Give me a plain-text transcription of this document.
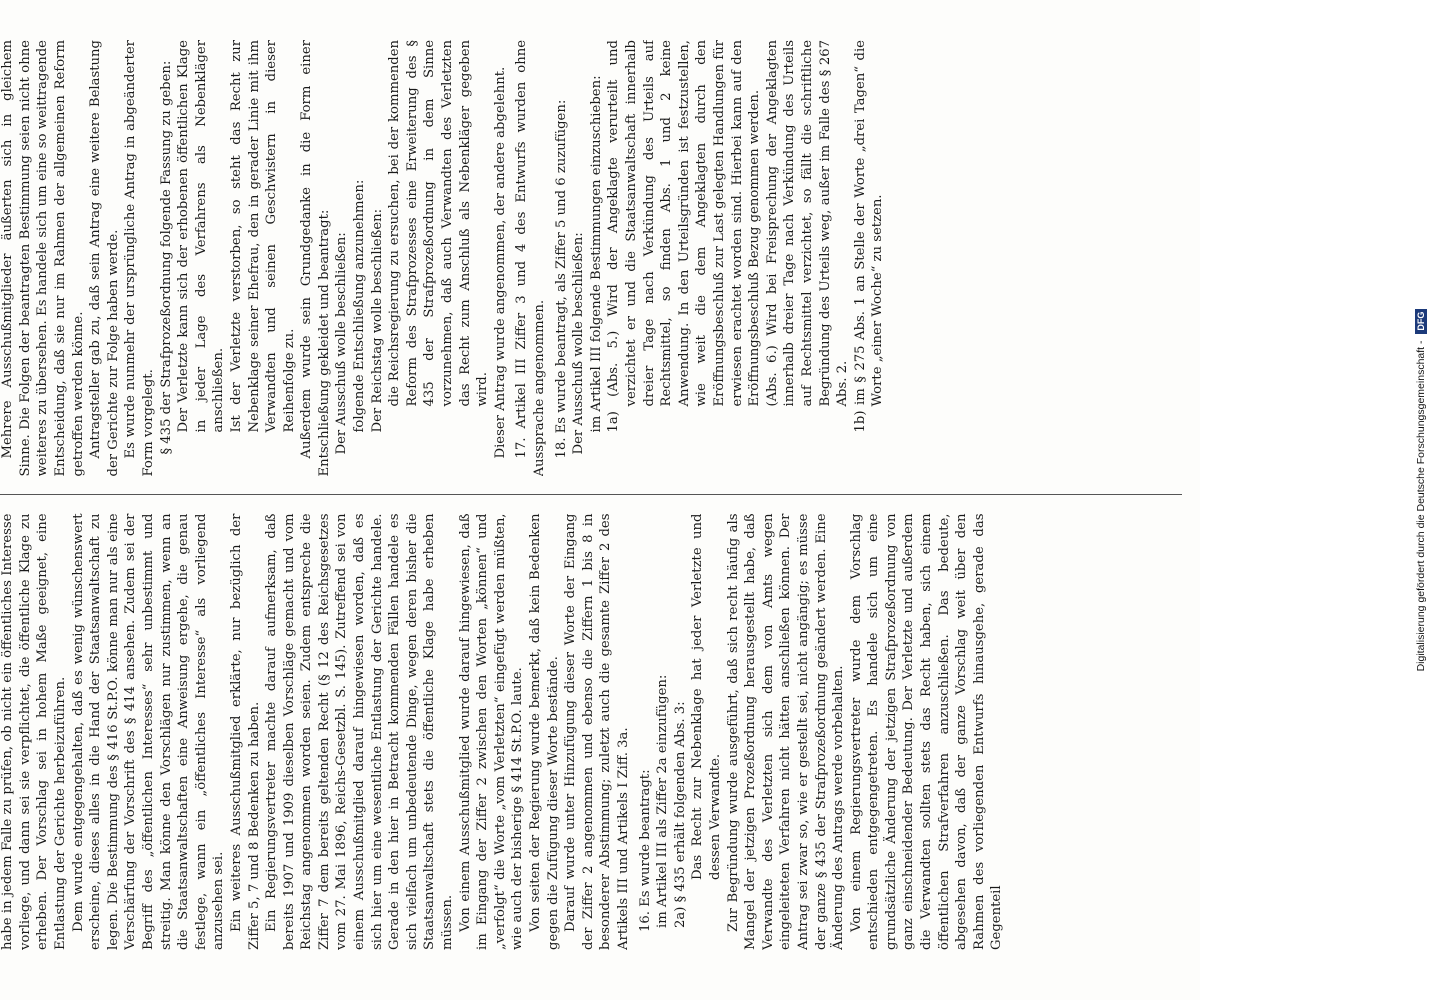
habe in jedem Falle zu prüfen, ob nicht ein öffentliches Interesse vorliege, und dann sei sie verpflichtet, die öffentliche Klage zu erheben. Der Vorschlag sei in hohem Maße geeignet, eine Entlastung der Gerichte herbeizuführen. Dem wurde entgegengehalten, daß es wenig wünschenswert erscheine, dieses alles in die Hand der Staatsanwaltschaft zu legen. Die Bestimmung des § 416 St.P.O. könne man nur als eine Verschärfung der Vorschrift des § 414 ansehen. Zudem sei der Begriff des „öffentlichen Interesses“ sehr unbestimmt und streitig. Man könne den Vorschlägen nur zustimmen, wenn an die Staatsanwaltschaften eine Anweisung ergehe, die genau festlege, wann ein „öffentliches Interesse“ als vorliegend anzusehen sei. Ein weiteres Ausschußmitglied erklärte, nur bezüglich der Ziffer 5, 7 und 8 Bedenken zu haben. Ein Regierungsvertreter machte darauf aufmerksam, daß bereits 1907 und 1909 dieselben Vorschläge gemacht und vom Reichstag angenommen worden seien. Zudem entspreche die Ziffer 7 dem bereits geltenden Recht (§ 12 des Reichsgesetzes vom 27. Mai 1896, Reichs-Gesetzbl. S. 145). Zutreffend sei von einem Ausschußmitglied darauf hingewiesen worden, daß es sich hier um eine wesentliche Entlastung der Gerichte handele. Gerade in den hier in Betracht kommenden Fällen handele es sich vielfach um unbedeutende Dinge, wegen deren bisher die Staatsanwaltschaft stets die öffentliche Klage habe erheben müssen. Von einem Ausschußmitglied wurde darauf hingewiesen, daß im Eingang der Ziffer 2 zwischen den Worten „können“ und „verfolgt“ die Worte „vom Verletzten“ eingefügt werden müßten, wie auch der bisherige § 414 St.P.O. laute. Von seiten der Regierung wurde bemerkt, daß kein Bedenken gegen die Zufügung dieser Worte bestände. Darauf wurde unter Hinzufügung dieser Worte der Eingang der Ziffer 2 angenommen und ebenso die Ziffern 1 bis 8 in besonderer Abstimmung; zuletzt auch die gesamte Ziffer 2 des Artikels III und Artikels I Ziff. 3a. 16. Es wurde beantragt: im Artikel III als Ziffer 2a einzufügen: 2a) § 435 erhält folgenden Abs. 3: Das Recht zur Nebenklage hat jeder Verletzte und dessen Verwandte. Zur Begründung wurde ausgeführt, daß sich recht häufig als Mangel der jetzigen Prozeßordnung herausgestellt habe, daß Verwandte des Verletzten sich dem von Amts wegen eingeleiteten Verfahren nicht hätten anschließen können. Der Antrag sei zwar so, wie er gestellt sei, nicht angängig; es müsse der ganze § 435 der Strafprozeßordnung geändert werden. Eine Änderung des Antrags werde vorbehalten. Von einem Regierungsvertreter wurde dem Vorschlag entschieden entgegengetreten. Es handele sich um eine grundsätzliche Änderung der jetzigen Strafprozeßordnung von ganz einschneidender Bedeutung. Der Verletzte und außerdem die Verwandten sollten stets das Recht haben, sich einem öffentlichen Strafverfahren anzuschließen. Das bedeute, abgesehen davon, daß der ganze Vorschlag weit über den Rahmen des vorliegenden Entwurfs hinausgehe, gerade das Gegenteil

Mehrere Ausschußmitglieder äußerten sich in gleichem Sinne. Die Folgen der beantragten Bestimmung seien nicht ohne weiteres zu übersehen. Es handele sich um eine so weittragende Entscheidung, daß sie nur im Rahmen der allgemeinen Reform getroffen werden könne. Antragsteller gab zu, daß sein Antrag eine weitere Belastung der Gerichte zur Folge haben werde. Es wurde nunmehr der ursprüngliche Antrag in abgeänderter Form vorgelegt. § 435 der Strafprozeßordnung folgende Fassung zu geben: Der Verletzte kann sich der erhobenen öffentlichen Klage in jeder Lage des Verfahrens als Nebenkläger anschließen. Ist der Verletzte verstorben, so steht das Recht zur Nebenklage seiner Ehefrau, den in gerader Linie mit ihm Verwandten und seinen Geschwistern in dieser Reihenfolge zu. Außerdem wurde sein Grundgedanke in die Form einer Entschließung gekleidet und beantragt: Der Ausschuß wolle beschließen: folgende Entschließung anzunehmen: Der Reichstag wolle beschließen: die Reichsregierung zu ersuchen, bei der kommenden Reform des Strafprozesses eine Erweiterung des § 435 der Strafprozeßordnung in dem Sinne vorzunehmen, daß auch Verwandten des Verletzten das Recht zum Anschluß als Nebenkläger gegeben wird. Dieser Antrag wurde angenommen, der andere abgelehnt. 17. Artikel III Ziffer 3 und 4 des Entwurfs wurden ohne Aussprache angenommen. 18. Es wurde beantragt, als Ziffer 5 und 6 zuzufügen: Der Ausschuß wolle beschließen: im Artikel III folgende Bestimmungen einzuschieben: 1a) (Abs. 5.) Wird der Angeklagte verurteilt und verzichtet er und die Staatsanwaltschaft innerhalb dreier Tage nach Verkündung des Urteils auf Rechtsmittel, so finden Abs. 1 und 2 keine Anwendung. In den Urteilsgründen ist festzustellen, wie weit die dem Angeklagten durch den Eröffnungsbeschluß zur Last gelegten Handlungen für erwiesen erachtet worden sind. Hierbei kann auf den Eröffnungsbeschluß Bezug genommen werden. (Abs. 6.) Wird bei Freisprechung der Angeklagten innerhalb dreier Tage nach Verkündung des Urteils auf Rechtsmittel verzichtet, so fällt die schriftliche Begründung des Urteils weg, außer im Falle des § 267 Abs. 2. 1b) im § 275 Abs. 1 an Stelle der Worte „drei Tagen“ die Worte „einer Woche“ zu setzen.

Digitalisierung gefördert durch die Deutsche Forschungsgemeinschaft - DFG
